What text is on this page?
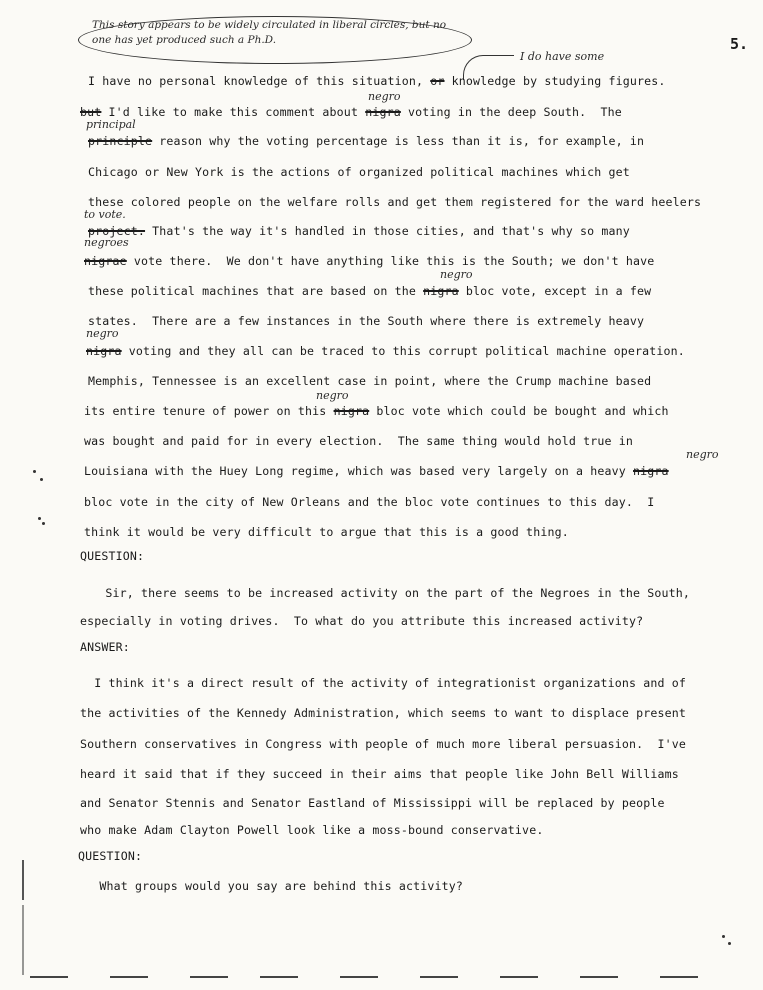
5.
This story appears to be widely circulated in liberal circles, but no one has yet produced such a Ph.D.
I do have some
I have no personal knowledge of this situation, or knowledge by studying figures.
negro
but I'd like to make this comment about nigra voting in the deep South.  The
principal
principle reason why the voting percentage is less than it is, for example, in
Chicago or New York is the actions of organized political machines which get
these colored people on the welfare rolls and get them registered for the ward heelers
to vote.
project. That's the way it's handled in those cities, and that's why so many
negroes
nigrae vote there.  We don't have anything like this is the South; we don't have
negro
these political machines that are based on the nigra bloc vote, except in a few
states.  There are a few instances in the South where there is extremely heavy
negro
nigra voting and they all can be traced to this corrupt political machine operation.
Memphis, Tennessee is an excellent case in point, where the Crump machine based
negro
its entire tenure of power on this nigra bloc vote which could be bought and which
was bought and paid for in every election.  The same thing would hold true in
negro
Louisiana with the Huey Long regime, which was based very largely on a heavy nigra
bloc vote in the city of New Orleans and the bloc vote continues to this day.  I
think it would be very difficult to argue that this is a good thing.
QUESTION:
Sir, there seems to be increased activity on the part of the Negroes in the South,
especially in voting drives.  To what do you attribute this increased activity?
ANSWER:
I think it's a direct result of the activity of integrationist organizations and of
the activities of the Kennedy Administration, which seems to want to displace present
Southern conservatives in Congress with people of much more liberal persuasion.  I've
heard it said that if they succeed in their aims that people like John Bell Williams
and Senator Stennis and Senator Eastland of Mississippi will be replaced by people
who make Adam Clayton Powell look like a moss-bound conservative.
QUESTION:
What groups would you say are behind this activity?
